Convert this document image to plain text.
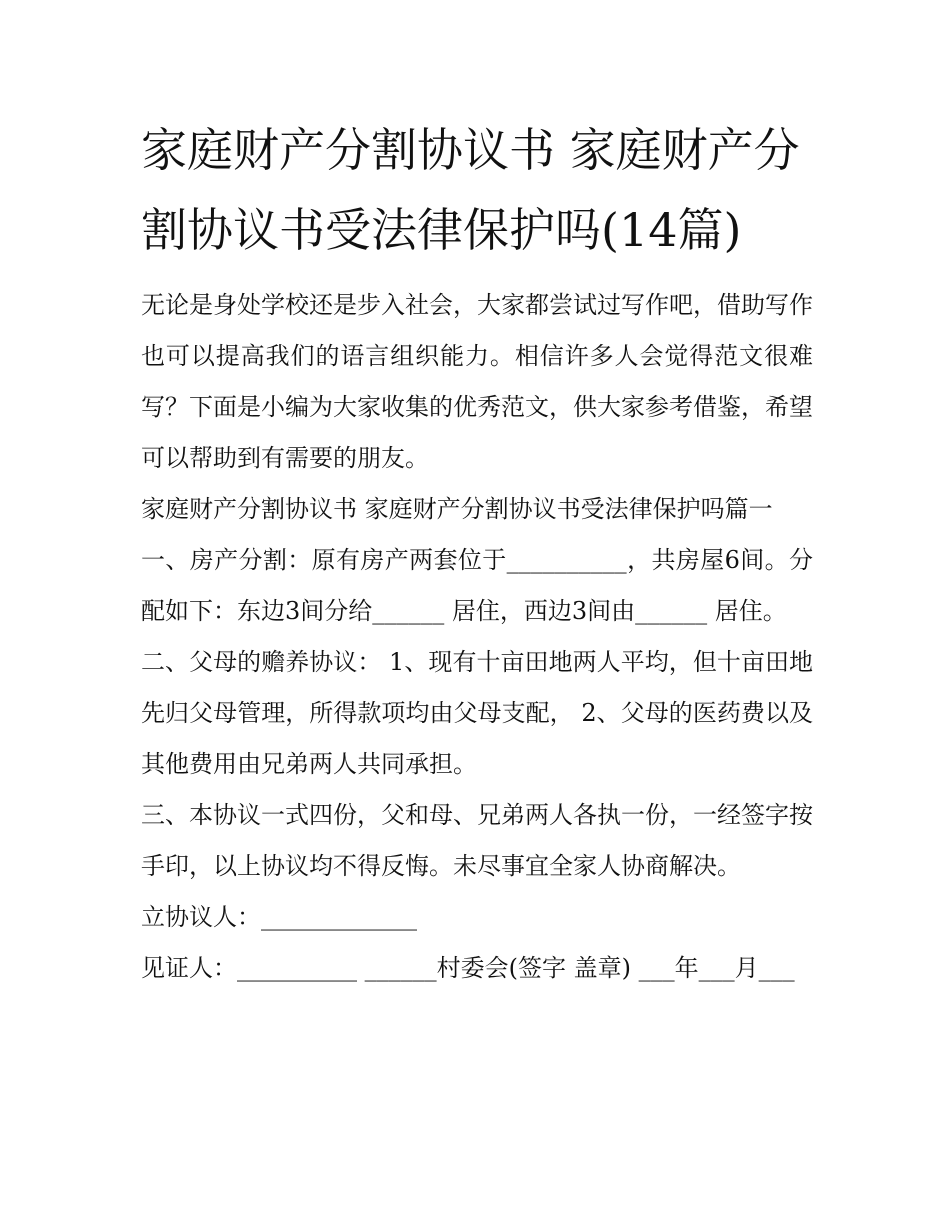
家庭财产分割协议书 家庭财产分割协议书受法律保护吗(14篇)

无论是身处学校还是步入社会，大家都尝试过写作吧，借助写作也可以提高我们的语言组织能力。相信许多人会觉得范文很难写？下面是小编为大家收集的优秀范文，供大家参考借鉴，希望可以帮助到有需要的朋友。

家庭财产分割协议书 家庭财产分割协议书受法律保护吗篇一

一、房产分割：原有房产两套位于__________，共房屋6间。分配如下：东边3间分给______ 居住，西边3间由______ 居住。

二、父母的赡养协议： 1、现有十亩田地两人平均，但十亩田地先归父母管理，所得款项均由父母支配， 2、父母的医药费以及其他费用由兄弟两人共同承担。

三、本协议一式四份，父和母、兄弟两人各执一份，一经签字按手印，以上协议均不得反悔。未尽事宜全家人协商解决。

立协议人：_____________

见证人：__________ ______村委会(签字 盖章) ___年___月___
